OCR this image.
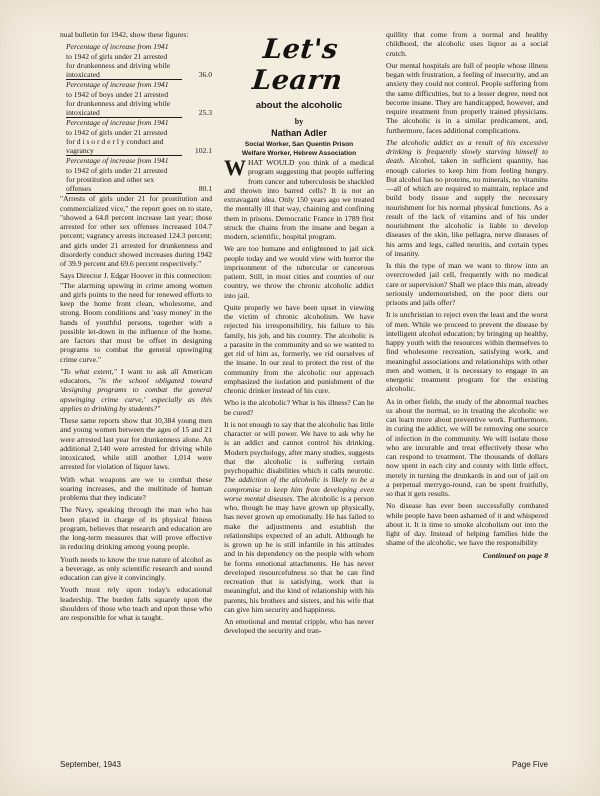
nual bulletin for 1942, show these figures:

Percentage of increase from 1941
to 1942 of girls under 21 arrested
for drunkenness and driving while
intoxicated	36.0
Percentage of increase from 1941
to 1942 of boys under 21 arrested
for drunkenness and driving while
intoxicated	25.3
Percentage of increase from 1941
to 1942 of girls under 21 arrested
for d i s o r d e r l y conduct and
vagrancy	102.1
Percentage of increase from 1941
to 1942 of girls under 21 arrested
for prostitution and other sex
offenses	80.1

"Arrests of girls under 21 for prostitution and commercialized vice," the report goes on to state, "showed a 64.8 percent increase last year; those arrested for other sex offenses increased 104.7 percent; vagrancy arrests increased 124.3 percent; and girls under 21 arrested for drunkenness and disorderly conduct showed increases during 1942 of 39.9 percent and 69.6 percent respectively."

Says Director J. Edgar Hoover in this connection: "The alarming upswing in crime among women and girls points to the need for renewed efforts to keep the home front clean, wholesome, and strong. Boom conditions and 'easy money' in the hands of youthful persons, together with a possible let-down in the influence of the home, are factors that must be offset in designing programs to combat the general upswinging crime curve."

"To what extent," I want to ask all American educators, "is the school obligated toward 'designing programs to combat the general upswinging crime curve,' especially as this applies to drinking by students?"

These same reports show that 10,384 young men and young women between the ages of 15 and 21 were arrested last year for drunkenness alone. An additional 2,140 were arrested for driving while intoxicated, while still another 1,014 were arrested for violation of liquor laws.

With what weapons are we to combat these soaring increases, and the multitude of human problems that they indicate?

The Navy, speaking through the man who has been placed in charge of its physical fitness program, believes that research and education are the long-term measures that will prove effective in reducing drinking among young people.

Youth needs to know the true nature of alcohol as a beverage, as only scientific research and sound education can give it convincingly.

Youth must rely upon today's educational leadership. The burden falls squarely upon the shoulders of those who teach and upon those who are responsible for what is taught.

Let's Learn
about the alcoholic
by
Nathan Adler
Social Worker, San Quentin Prison
Welfare Worker, Hebrew Association

WHAT WOULD you think of a medical program suggesting that people suffering from cancer and tuberculosis be shackled and thrown into barred cells? It is not an extravagant idea. Only 150 years ago we treated the mentally ill that way, chaining and confining them in prisons. Democratic France in 1789 first struck the chains from the insane and began a modern, scientific, hospital program.

We are too humane and enlightened to jail sick people today and we would view with horror the imprisonment of the tubercular or cancerous patient. Still, in most cities and counties of our country, we throw the chronic alcoholic addict into jail.

Quite properly we have been upset in viewing the victim of chronic alcoholism. We have rejected his irresponsibility, his failure to his family, his job, and his country. The alcoholic is a parasite in the community and so we wanted to get rid of him as, formerly, we rid ourselves of the insane. In our zeal to protect the rest of the community from the alcoholic our approach emphasized the isolation and punishment of the chronic drinker instead of his cure.

Who is the alcoholic? What is his illness? Can he be cured?

It is not enough to say that the alcoholic has little character or will power. We have to ask why he is an addict and cannot control his drinking. Modern psychology, after many studies, suggests that the alcoholic is suffering certain psychopathic disabilities which it calls neurotic. The addiction of the alcoholic is likely to be a compromise to keep him from developing even worse mental diseases. The alcoholic is a person who, though he may have grown up physically, has never grown up emotionally. He has failed to make the adjustments and establish the relationships expected of an adult. Although he is grown up he is still infantile in his attitudes and in his dependency on the people with whom he forms emotional attachments. He has never developed resourcefulness so that he can find recreation that is satisfying, work that is meaningful, and the kind of relationship with his parents, his brothers and sisters, and his wife that can give him security and happiness.

An emotional and mental cripple, who has never developed the security and tran-

quillity that come from a normal and healthy childhood, the alcoholic uses liquor as a social crutch.

Our mental hospitals are full of people whose illness began with frustration, a feeling of insecurity, and an anxiety they could not control. People suffering from the same difficulties, but to a lesser degree, need not become insane. They are handicapped, however, and require treatment from properly trained physicians. The alcoholic is in a similar predicament, and, furthermore, faces additional complications.

The alcoholic addict as a result of his excessive drinking is frequently slowly starving himself to death. Alcohol, taken in sufficient quantity, has enough calories to keep him from feeling hungry. But alcohol has no proteins, no minerals, no vitamins—all of which are required to maintain, replace and build body tissue and supply the necessary nourishment for his normal physical functions. As a result of the lack of vitamins and of his under nourishment the alcoholic is liable to develop diseases of the skin, like pellagra, nerve diseases of his arms and legs, called neuritis, and certain types of insanity.

Is this the type of man we want to throw into an overcrowded jail cell, frequently with no medical care or supervision? Shall we place this man, already seriously undernourished, on the poor diets our prisons and jails offer?

It is unchristian to reject even the least and the worst of men. While we proceed to prevent the disease by intelligent alcohol education; by bringing up healthy, happy youth with the resources within themselves to find wholesome recreation, satisfying work, and meaningful associations and relationships with other men and women, it is necessary to engage in an energetic treatment program for the existing alcoholic.

As in other fields, the study of the abnormal teaches us about the normal, so in treating the alcoholic we can learn more about preventive work. Furthermore, in curing the addict, we will be removing one source of infection in the community. We will isolate those who are incurable and treat effectively those who can respond to treatment. The thousands of dollars now spent in each city and county with little effect, merely in turning the drunkards in and out of jail on a perpetual merrygo-round, can be spent fruitfully, so that it gets results.

No disease has ever been successfully combated while people have been ashamed of it and whispered about it. It is time to smoke alcoholism out into the light of day. Instead of helping families hide the shame of the alcoholic, we have the responsibility

Continued on page 8

September, 1943	Page Five
